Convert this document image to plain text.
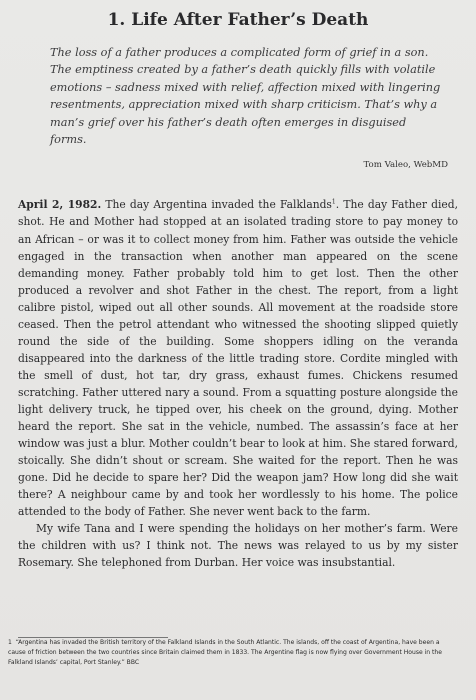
1. Life After Father’s Death
The loss of a father produces a complicated form of grief in a son. The emptiness created by a father’s death quickly fills with volatile emotions – sadness mixed with relief, affection mixed with lingering resentments, appreciation mixed with sharp criticism. That’s why a man’s grief over his father’s death often emerges in disguised forms.
Tom Valeo, WebMD

April 2, 1982. The day Argentina invaded the Falklands$^1$. The day Father died, shot. He and Mother had stopped at an isolated trading store to pay money to an African – or was it to collect money from him. Father was outside the vehicle engaged in the transaction when another man appeared on the scene demanding money. Father probably told him to get lost. Then the other produced a revolver and shot Father in the chest. The report, from a light calibre pistol, wiped out all other sounds. All movement at the roadside store ceased. Then the petrol attendant who witnessed the shooting slipped quietly round the side of the building. Some shoppers idling on the veranda disappeared into the darkness of the little trading store. Cordite mingled with the smell of dust, hot tar, dry grass, exhaust fumes. Chickens resumed scratching. Father uttered nary a sound. From a squatting posture alongside the light delivery truck, he tipped over, his cheek on the ground, dying. Mother heard the report. She sat in the vehicle, numbed. The assassin’s face at her window was just a blur. Mother couldn’t bear to look at him. She stared forward, stoically. She didn’t shout or scream. She waited for the report. Then he was gone. Did he decide to spare her? Did the weapon jam? How long did she wait there? A neighbour came by and took her wordlessly to his home. The police attended to the body of Father. She never went back to the farm.

My wife Tana and I were spending the holidays on her mother’s farm. Were the children with us? I think not. The news was relayed to us by my sister Rosemary. She telephoned from Durban. Her voice was insubstantial.

1 “Argentina has invaded the British territory of the Falkland Islands in the South Atlantic. The islands, off the coast of Argentina, have been a cause of friction between the two countries since Britain claimed them in 1833. The Argentine flag is now flying over Government House in the Falkland Islands’ capital, Port Stanley.” BBC
